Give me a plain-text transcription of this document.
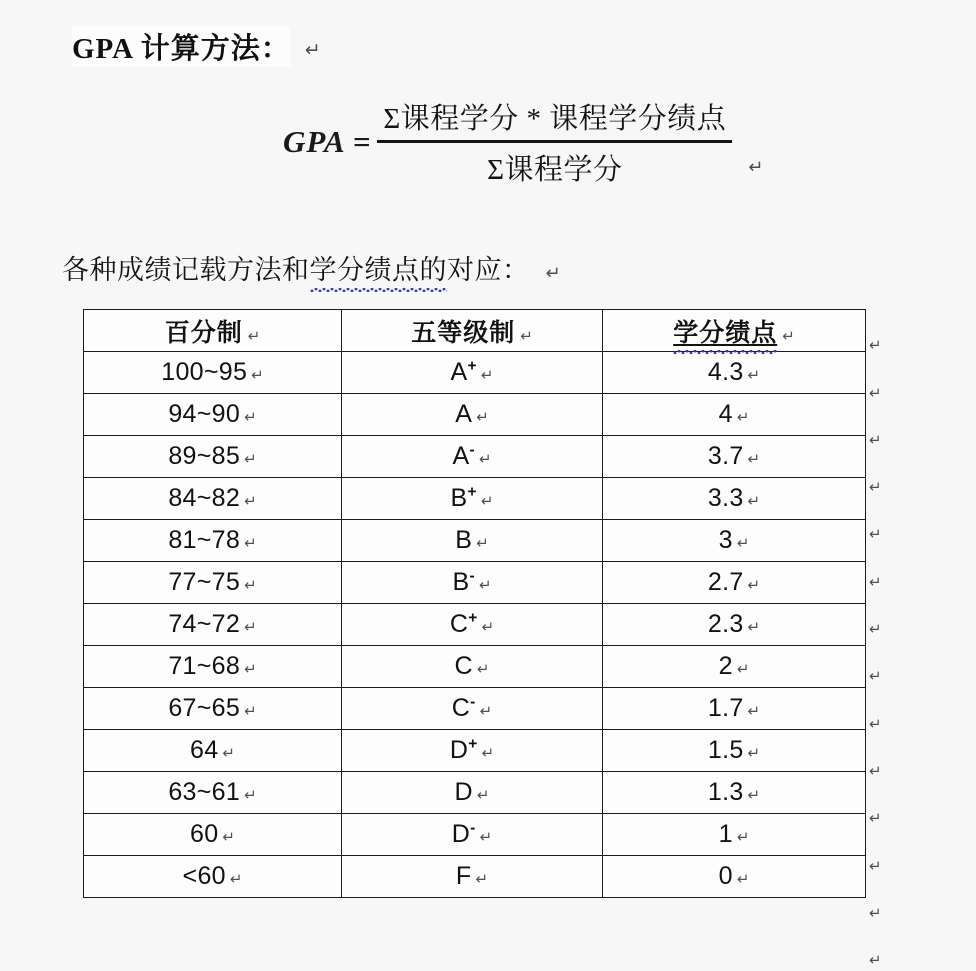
GPA 计算方法： ↵
GPA = $\frac{\text{Σ课程学分 * 课程学分绩点}}{\text{Σ课程学分}}$ ↵
各种成绩记载方法和 学分绩点的 对应： ↵
百分制 ↵	五等级制 ↵	学分绩点 ↵

100~95 ↵	A+ ↵	4.3 ↵

94~90 ↵	A ↵	4 ↵

89~85 ↵	A- ↵	3.7 ↵

84~82 ↵	B+ ↵	3.3 ↵

81~78 ↵	B ↵	3 ↵

77~75 ↵	B- ↵	2.7 ↵

74~72 ↵	C+ ↵	2.3 ↵

71~68 ↵	C ↵	2 ↵

67~65 ↵	C- ↵	1.7 ↵

64 ↵	D+ ↵	1.5 ↵

63~61 ↵	D ↵	1.3 ↵

60 ↵	D- ↵	1 ↵

<60 ↵	F ↵	0 ↵
↵
↵
↵
↵
↵
↵
↵
↵
↵
↵
↵
↵
↵
↵
